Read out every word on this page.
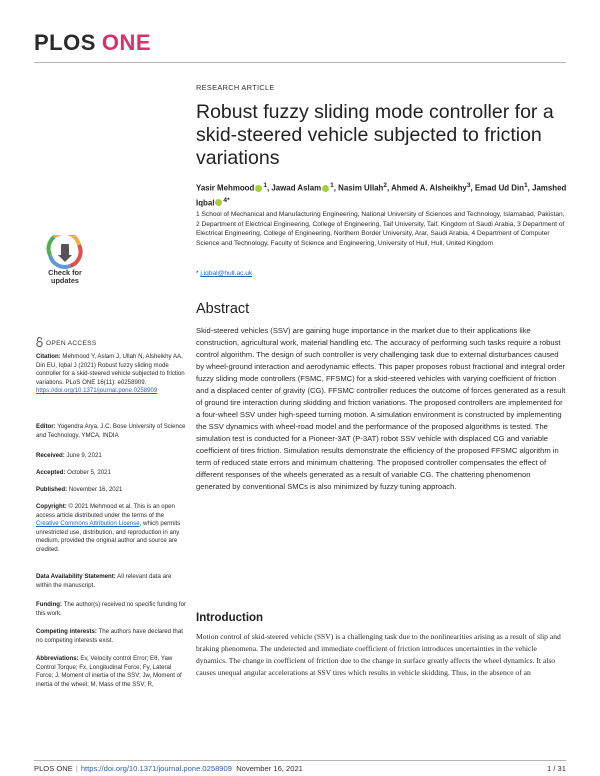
PLOS ONE
RESEARCH ARTICLE
Robust fuzzy sliding mode controller for a skid-steered vehicle subjected to friction variations
Yasir Mehmood $^1$, Jawad Aslam $^1$, Nasim Ullah$^2$, Ahmed A. Alsheikhy$^3$, Emad Ud Din$^1$, Jamshed Iqbal $^{4*}$
1 School of Mechanical and Manufacturing Engineering, National University of Sciences and Technology, Islamabad, Pakistan, 2 Department of Electrical Engineering, College of Engineering, Taif University, Taif, Kingdom of Saudi Arabia, 3 Department of Electrical Engineering, College of Engineering, Northern Border University, Arar, Saudi Arabia, 4 Department of Computer Science and Technology, Faculty of Science and Engineering, University of Hull, Hull, United Kingdom
* j.iqbal@hull.ac.uk
Abstract
Skid-steered vehicles (SSV) are gaining huge importance in the market due to their applications like construction, agricultural work, material handling etc. The accuracy of performing such tasks require a robust control algorithm. The design of such controller is very challenging task due to external disturbances caused by wheel-ground interaction and aerodynamic effects. This paper proposes robust fractional and integral order fuzzy sliding mode controllers (FSMC, FFSMC) for a skid-steered vehicles with varying coefficient of friction and a displaced center of gravity (CG). FFSMC controller reduces the outcome of forces generated as a result of ground tire interaction during skidding and friction variations. The proposed controllers are implemented for a four-wheel SSV under high-speed turning motion. A simulation environment is constructed by implementing the SSV dynamics with wheel-road model and the performance of the proposed algorithms is tested. The simulation test is conducted for a Pioneer-3AT (P-3AT) robot SSV vehicle with displaced CG and variable coefficient of tires friction. Simulation results demonstrate the efficiency of the proposed FFSMC algorithm in term of reduced state errors and minimum chattering. The proposed controller compensates the effect of different responses of the wheels generated as a result of variable CG. The chattering phenomenon generated by conventional SMCs is also minimized by fuzzy tuning approach.
Introduction
Motion control of skid-steered vehicle (SSV) is a challenging task due to the nonlinearities arising as a result of slip and braking phenomena. The undetected and immediate coefficient of friction introduces uncertainties in the vehicle dynamics. The change in coefficient of friction due to the change in surface greatly affects the wheel dynamics. It also causes unequal angular accelerations at SSV tires which results in vehicle skidding. Thus, in the absence of an
Check for
updates
OPEN ACCESS
Citation: Mehmood Y, Aslam J, Ullah N, Alsheikhy AA, Din EU, Iqbal J (2021) Robust fuzzy sliding mode controller for a skid-steered vehicle subjected to friction variations. PLoS ONE 16(11): e0258909. https://doi.org/10.1371/journal.pone.0258909
Editor: Yogendra Arya, J.C. Bose University of Science and Technology, YMCA, INDIA
Received: June 9, 2021
Accepted: October 5, 2021
Published: November 16, 2021
Copyright: © 2021 Mehmood et al. This is an open access article distributed under the terms of the Creative Commons Attribution License, which permits unrestricted use, distribution, and reproduction in any medium, provided the original author and source are credited.
Data Availability Statement: All relevant data are within the manuscript.
Funding: The author(s) received no specific funding for this work.
Competing interests: The authors have declared that no competing interests exist.
Abbreviations: Ev, Velocity control Error; Eθ, Yaw Control Torque; Fx, Longitudinal Force; Fy, Lateral Force; J, Moment of inertia of the SSV; Jw, Moment of inertia of the wheel; M, Mass of the SSV; R,
PLOS ONE | https://doi.org/10.1371/journal.pone.0258909 November 16, 2021	1 / 31
